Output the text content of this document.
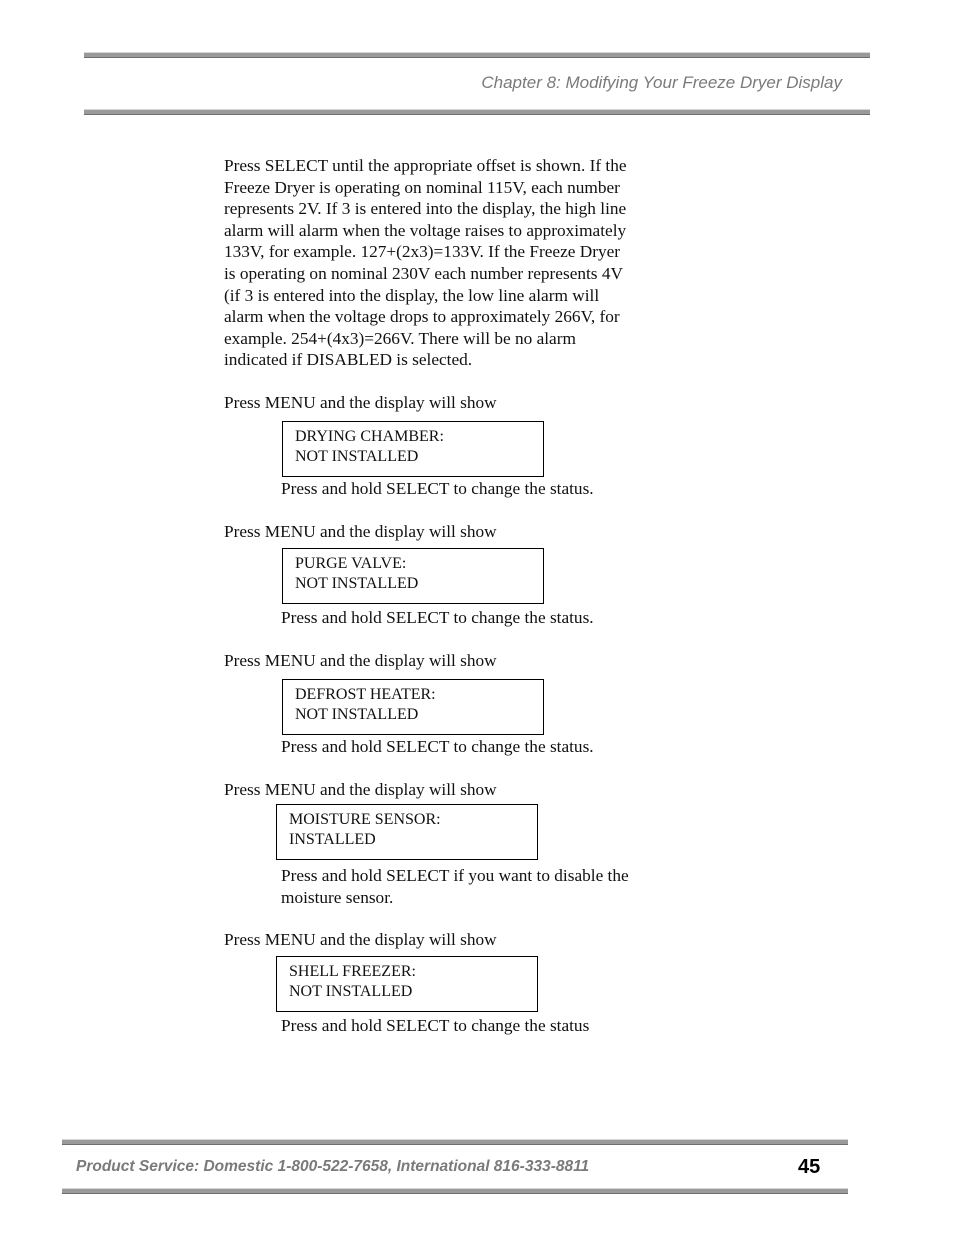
Chapter 8: Modifying Your Freeze Dryer Display

Press SELECT until the appropriate offset is shown. If the
Freeze Dryer is operating on nominal 115V, each number
represents 2V. If 3 is entered into the display, the high line
alarm will alarm when the voltage raises to approximately
133V, for example. 127+(2x3)=133V. If the Freeze Dryer
is operating on nominal 230V each number represents 4V
(if 3 is entered into the display, the low line alarm will
alarm when the voltage drops to approximately 266V, for
example. 254+(4x3)=266V. There will be no alarm
indicated if DISABLED is selected.

Press MENU and the display will show

DRYING CHAMBER:
NOT INSTALLED

Press and hold SELECT to change the status.

Press MENU and the display will show

PURGE VALVE:
NOT INSTALLED

Press and hold SELECT to change the status.

Press MENU and the display will show

DEFROST HEATER:
NOT INSTALLED

Press and hold SELECT to change the status.

Press MENU and the display will show

MOISTURE SENSOR:
INSTALLED

Press and hold SELECT if you want to disable the
moisture sensor.

Press MENU and the display will show

SHELL FREEZER:
NOT INSTALLED

Press and hold SELECT to change the status

Product Service: Domestic 1-800-522-7658, International 816-333-8811	45
